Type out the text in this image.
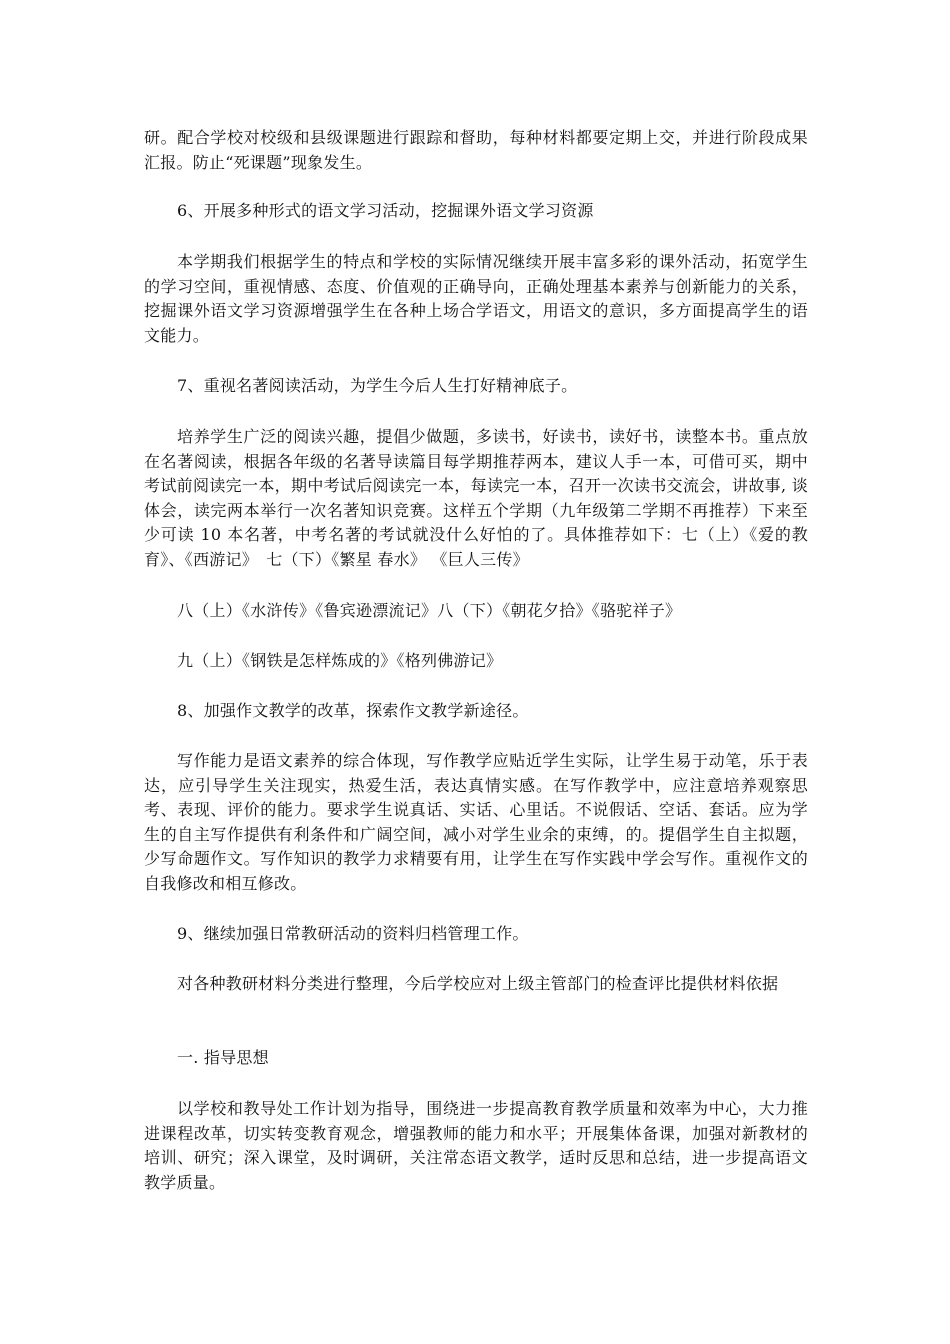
研。配合学校对校级和县级课题进行跟踪和督助，每种材料都要定期上交，并进行阶段成果汇报。防止“死课题”现象发生。

6、开展多种形式的语文学习活动，挖掘课外语文学习资源

本学期我们根据学生的特点和学校的实际情况继续开展丰富多彩的课外活动，拓宽学生的学习空间，重视情感、态度、价值观的正确导向，正确处理基本素养与创新能力的关系，挖掘课外语文学习资源增强学生在各种上场合学语文，用语文的意识，多方面提高学生的语文能力。

7、重视名著阅读活动，为学生今后人生打好精神底子。

培养学生广泛的阅读兴趣，提倡少做题，多读书，好读书，读好书，读整本书。重点放在名著阅读，根据各年级的名著导读篇目每学期推荐两本，建议人手一本，可借可买，期中考试前阅读完一本，期中考试后阅读完一本，每读完一本，召开一次读书交流会，讲故事, 谈体会，读完两本举行一次名著知识竞赛。这样五个学期（九年级第二学期不再推荐）下来至少可读 10 本名著，中考名著的考试就没什么好怕的了。具体推荐如下：七（上）《爱的教育》、《西游记》　七（下）《繁星 春水》 《巨人三传》

八（上）《水浒传》《鲁宾逊漂流记》八（下）《朝花夕拾》《骆驼祥子》

九（上）《钢铁是怎样炼成的》《格列佛游记》

8、加强作文教学的改革，探索作文教学新途径。

写作能力是语文素养的综合体现，写作教学应贴近学生实际，让学生易于动笔，乐于表达，应引导学生关注现实，热爱生活，表达真情实感。在写作教学中，应注意培养观察思考、表现、评价的能力。要求学生说真话、实话、心里话。不说假话、空话、套话。应为学生的自主写作提供有利条件和广阔空间，减小对学生业余的束缚，的。提倡学生自主拟题，少写命题作文。写作知识的教学力求精要有用，让学生在写作实践中学会写作。重视作文的自我修改和相互修改。

9、继续加强日常教研活动的资料归档管理工作。

对各种教研材料分类进行整理，今后学校应对上级主管部门的检查评比提供材料依据

一. 指导思想

以学校和教导处工作计划为指导，围绕进一步提高教育教学质量和效率为中心，大力推进课程改革，切实转变教育观念，增强教师的能力和水平；开展集体备课，加强对新教材的培训、研究；深入课堂，及时调研，关注常态语文教学，适时反思和总结，进一步提高语文教学质量。
